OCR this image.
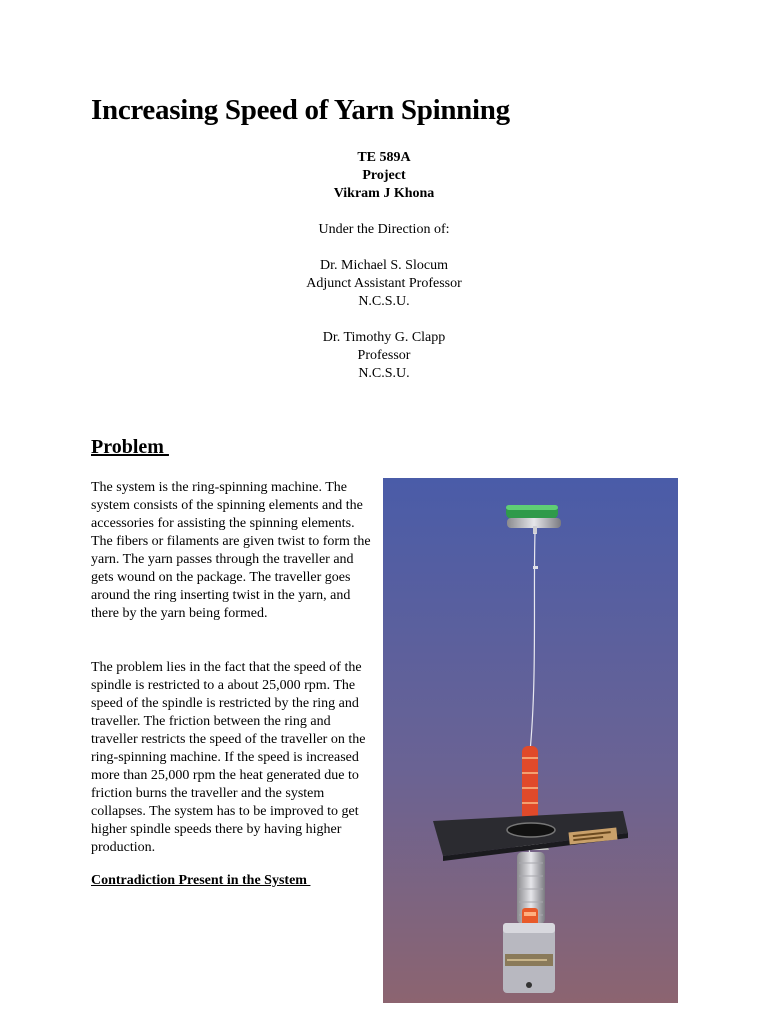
Increasing Speed of Yarn Spinning
TE 589A
Project
Vikram J Khona
Under the Direction of:
Dr. Michael S. Slocum
Adjunct Assistant Professor
N.C.S.U.
Dr. Timothy G. Clapp
Professor
N.C.S.U.
Problem
The system is the ring-spinning machine. The system consists of the spinning elements and the accessories for assisting the spinning elements. The fibers or filaments are given twist to form the yarn. The yarn passes through the traveller and gets wound on the package. The traveller goes around the ring inserting twist in the yarn, and there by the yarn being formed.
The problem lies in the fact that the speed of the spindle is restricted to a about 25,000 rpm. The speed of the spindle is restricted by the ring and traveller. The friction between the ring and traveller restricts the speed of the traveller on the ring-spinning machine. If the speed is increased more than 25,000 rpm the heat generated due to friction burns the traveller and the system collapses. The system has to be improved to get higher spindle speeds there by having higher production.
Contradiction Present in the System
